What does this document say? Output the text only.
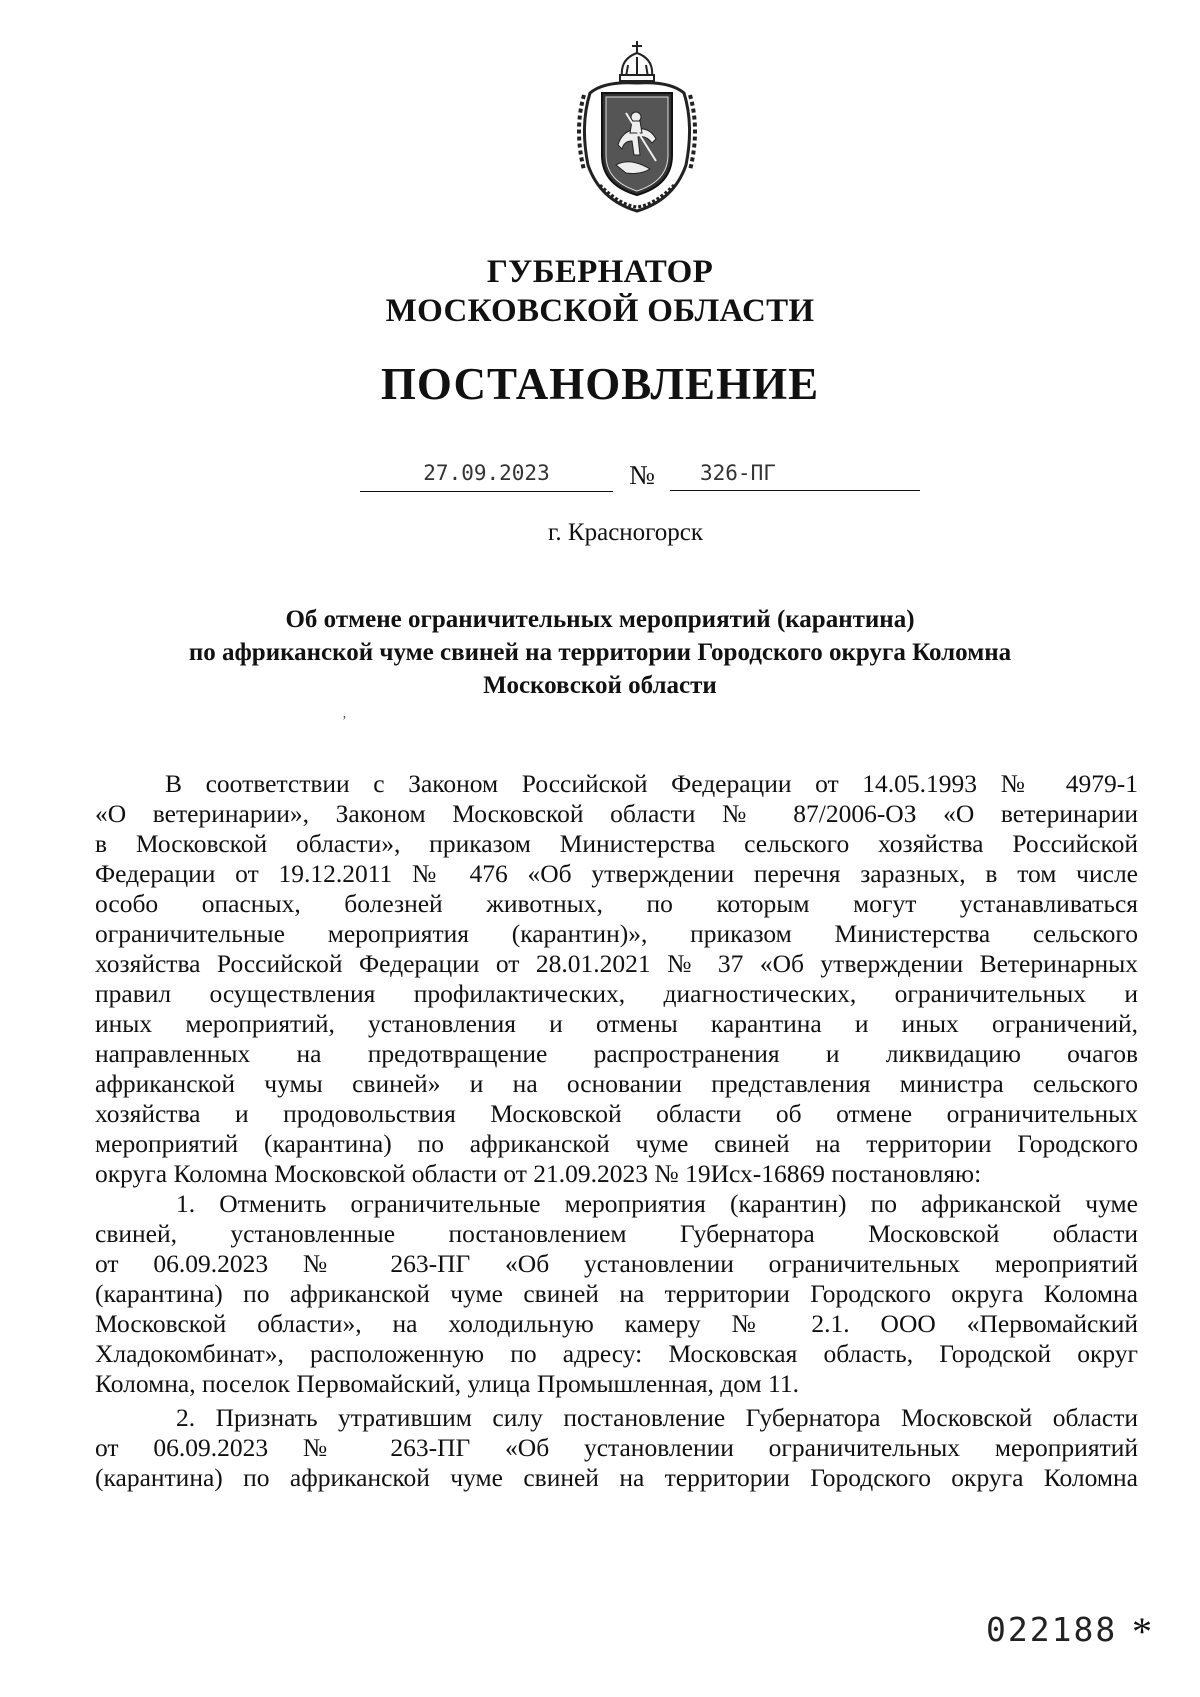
ГУБЕРНАТОР
МОСКОВСКОЙ ОБЛАСТИ
ПОСТАНОВЛЕНИЕ
27.09.2023	№	326-ПГ
г. Красногорск
Об отмене ограничительных мероприятий (карантина)
по африканской чуме свиней на территории Городского округа Коломна
Московской области
ʼ
В соответствии с Законом Российской Федерации от 14.05.1993 № 4979-1
«О ветеринарии», Законом Московской области № 87/2006-ОЗ «О ветеринарии
в Московской области», приказом Министерства сельского хозяйства Российской
Федерации от 19.12.2011 № 476 «Об утверждении перечня заразных, в том числе
особо опасных, болезней животных, по которым могут устанавливаться
ограничительные мероприятия (карантин)», приказом Министерства сельского
хозяйства Российской Федерации от 28.01.2021 № 37 «Об утверждении Ветеринарных
правил осуществления профилактических, диагностических, ограничительных и
иных мероприятий, установления и отмены карантина и иных ограничений,
направленных на предотвращение распространения и ликвидацию очагов
африканской чумы свиней» и на основании представления министра сельского
хозяйства и продовольствия Московской области об отмене ограничительных
мероприятий (карантина) по африканской чуме свиней на территории Городского
округа Коломна Московской области от 21.09.2023 № 19Исх-16869 постановляю:
1. Отменить ограничительные мероприятия (карантин) по африканской чуме
свиней, установленные постановлением Губернатора Московской области
от 06.09.2023 № 263-ПГ «Об установлении ограничительных мероприятий
(карантина) по африканской чуме свиней на территории Городского округа Коломна
Московской области», на холодильную камеру № 2.1. ООО «Первомайский
Хладокомбинат», расположенную по адресу: Московская область, Городской округ
Коломна, поселок Первомайский, улица Промышленная, дом 11.
2. Признать утратившим силу постановление Губернатора Московской области
от 06.09.2023 № 263-ПГ «Об установлении ограничительных мероприятий
(карантина) по африканской чуме свиней на территории Городского округа Коломна
022188 *
